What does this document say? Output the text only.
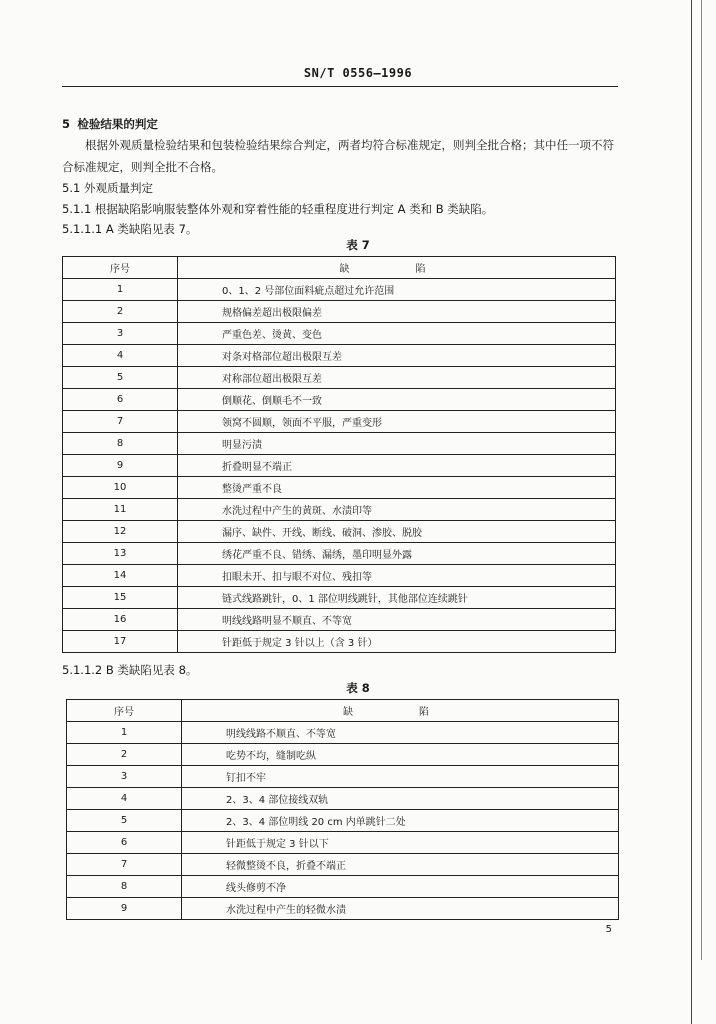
SN/T 0556—1996
5 检验结果的判定
根据外观质量检验结果和包装检验结果综合判定，两者均符合标准规定，则判全批合格；其中任一项不符合标准规定，则判全批不合格。
5.1 外观质量判定
5.1.1 根据缺陷影响服装整体外观和穿着性能的轻重程度进行判定 A 类和 B 类缺陷。
5.1.1.1 A 类缺陷见表 7。
表 7
序号	缺　陷
1	0、1、2 号部位面料疵点超过允许范围
2	规格偏差超出极限偏差
3	严重色差、烫黄、变色
4	对条对格部位超出极限互差
5	对称部位超出极限互差
6	倒顺花、倒顺毛不一致
7	领窝不圆顺，领面不平服，严重变形
8	明显污渍
9	折叠明显不端正
10	整烫严重不良
11	水洗过程中产生的黄斑、水渍印等
12	漏序、缺件、开线、断线、破洞、渗胶、脱胶
13	绣花严重不良、错绣、漏绣，墨印明显外露
14	扣眼未开、扣与眼不对位、残扣等
15	链式线路跳针，0、1 部位明线跳针，其他部位连续跳针
16	明线线路明显不顺直、不等宽
17	针距低于规定 3 针以上（含 3 针）
5.1.1.2 B 类缺陷见表 8。
表 8
序号	缺　陷
1	明线线路不顺直、不等宽
2	吃势不均，缝制吃纵
3	钉扣不牢
4	2、3、4 部位接线双轨
5	2、3、4 部位明线 20 cm 内单跳针二处
6	针距低于规定 3 针以下
7	轻微整烫不良，折叠不端正
8	线头修剪不净
9	水洗过程中产生的轻微水渍
5
